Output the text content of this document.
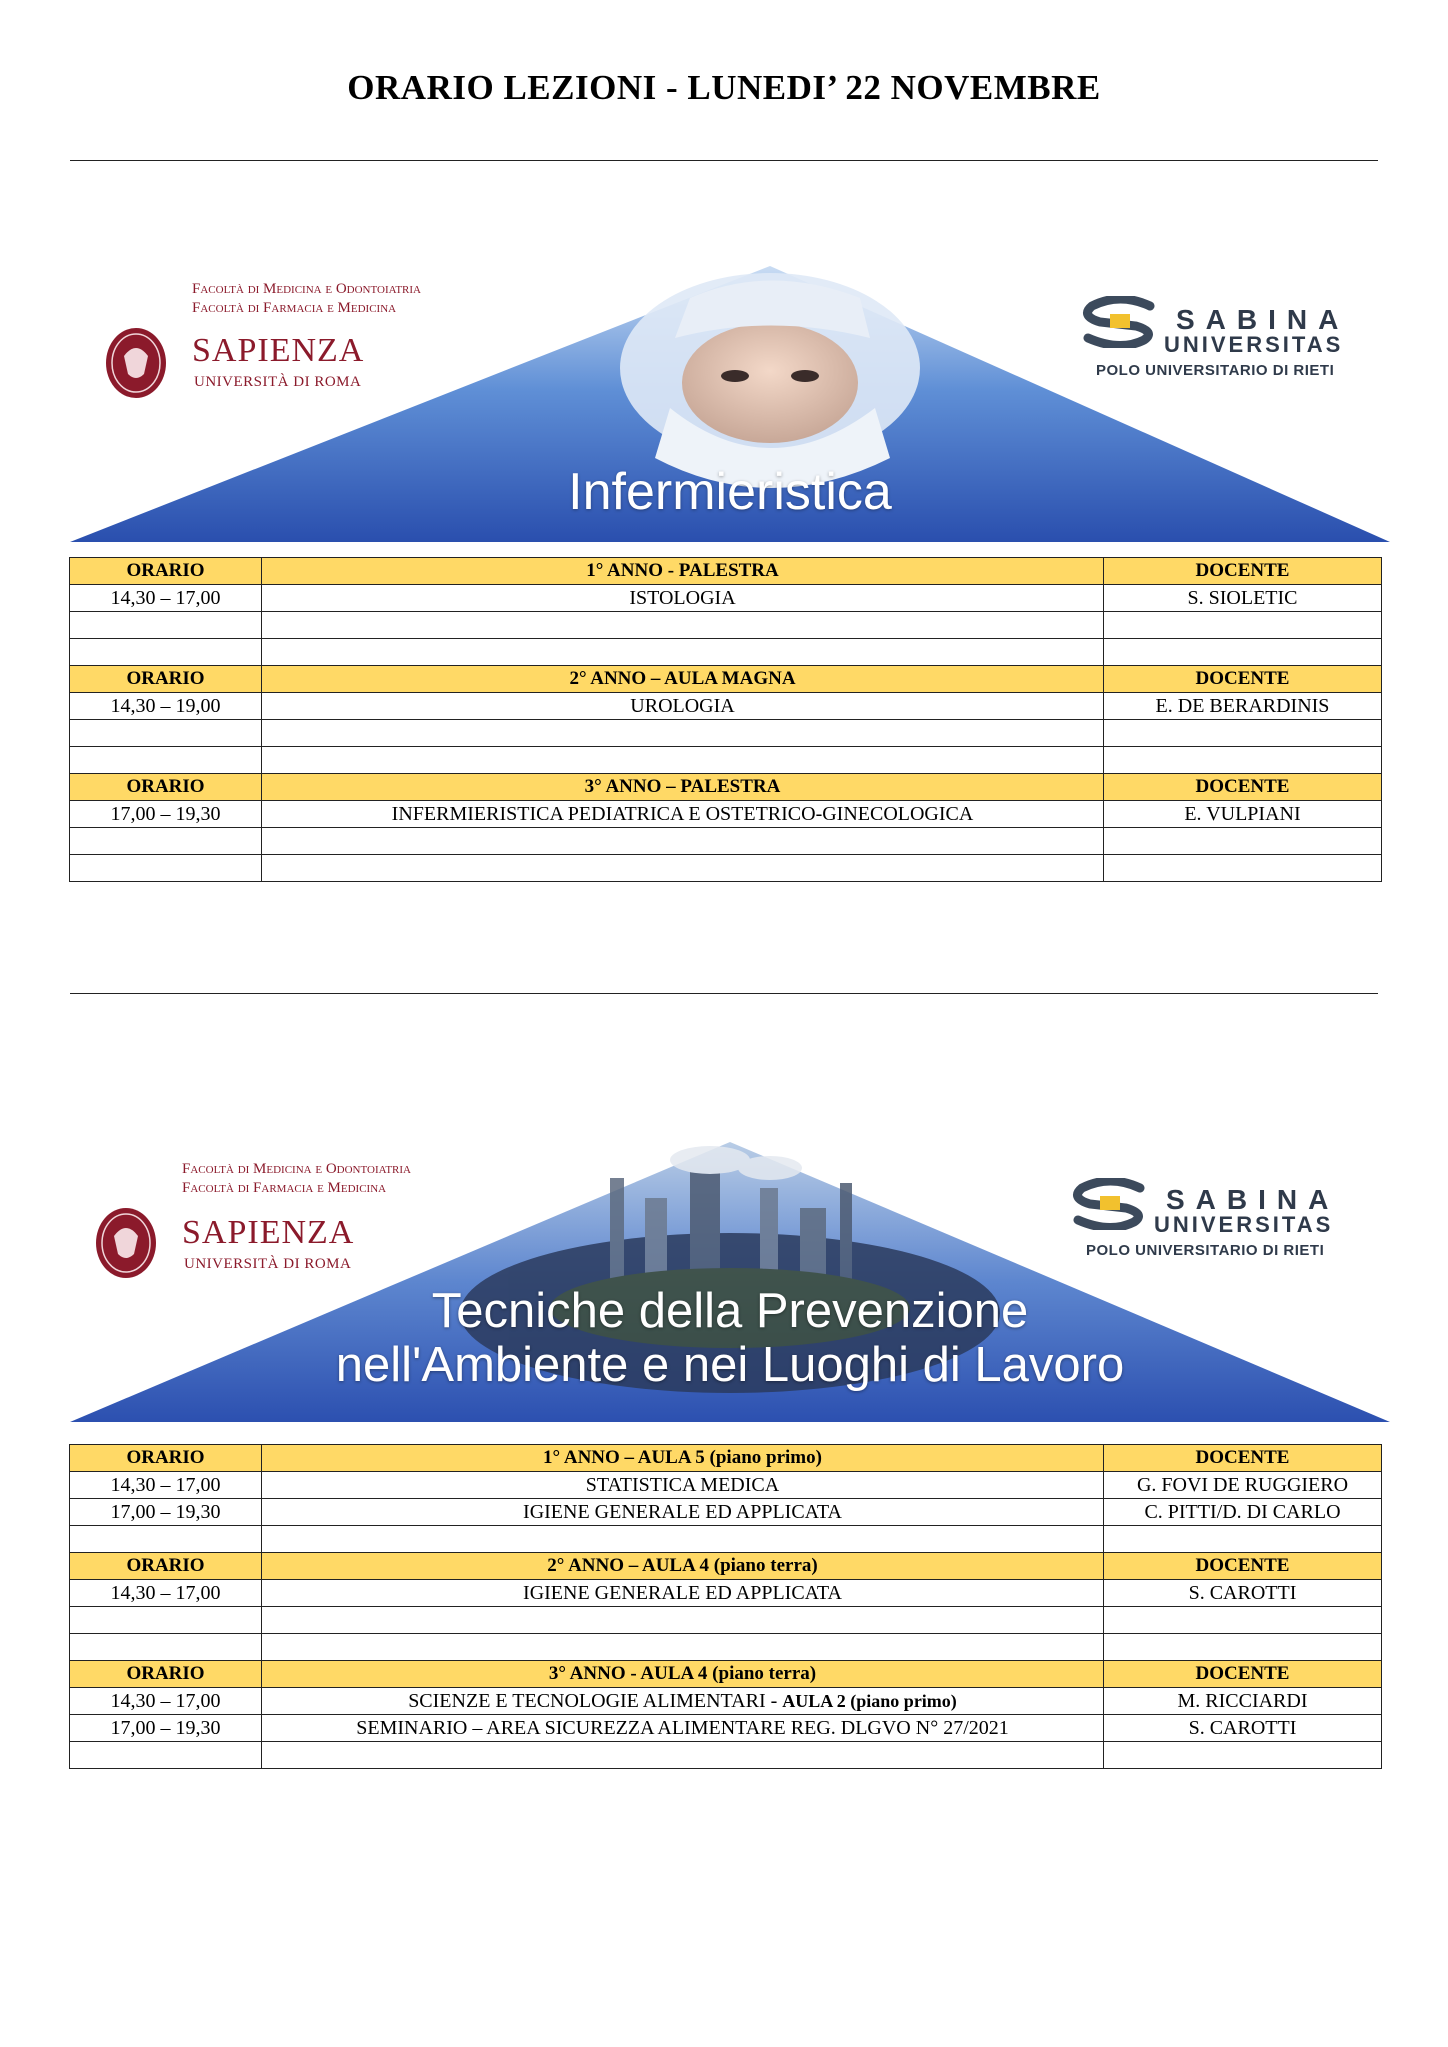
ORARIO LEZIONI - LUNEDI’ 22 NOVEMBRE
Facoltà di Medicina e Odontoiatria
Facoltà di Farmacia e Medicina
SAPIENZA
UNIVERSITÀ DI ROMA
SABINA
UNIVERSITAS
POLO UNIVERSITARIO DI RIETI
Infermieristica
ORARIO	1° ANNO - PALESTRA	DOCENTE
14,30 – 17,00	ISTOLOGIA	S. SIOLETIC

ORARIO	2° ANNO – AULA MAGNA	DOCENTE
14,30 – 19,00	UROLOGIA	E. DE BERARDINIS

ORARIO	3° ANNO – PALESTRA	DOCENTE
17,00 – 19,30	INFERMIERISTICA PEDIATRICA E OSTETRICO-GINECOLOGICA	E. VULPIANI

Facoltà di Medicina e Odontoiatria
Facoltà di Farmacia e Medicina
SAPIENZA
UNIVERSITÀ DI ROMA
SABINA
UNIVERSITAS
POLO UNIVERSITARIO DI RIETI
Tecniche della Prevenzione
nell'Ambiente e nei Luoghi di Lavoro
ORARIO	1° ANNO – AULA 5 (piano primo)	DOCENTE
14,30 – 17,00	STATISTICA MEDICA	G. FOVI DE RUGGIERO
17,00 – 19,30	IGIENE GENERALE ED APPLICATA	C. PITTI/D. DI CARLO

ORARIO	2° ANNO – AULA 4 (piano terra)	DOCENTE
14,30 – 17,00	IGIENE GENERALE ED APPLICATA	S. CAROTTI

ORARIO	3° ANNO - AULA 4 (piano terra)	DOCENTE
14,30 – 17,00	SCIENZE E TECNOLOGIE ALIMENTARI - AULA 2 (piano primo)	M. RICCIARDI
17,00 – 19,30	SEMINARIO – AREA SICUREZZA ALIMENTARE REG. DLGVO N° 27/2021	S. CAROTTI
